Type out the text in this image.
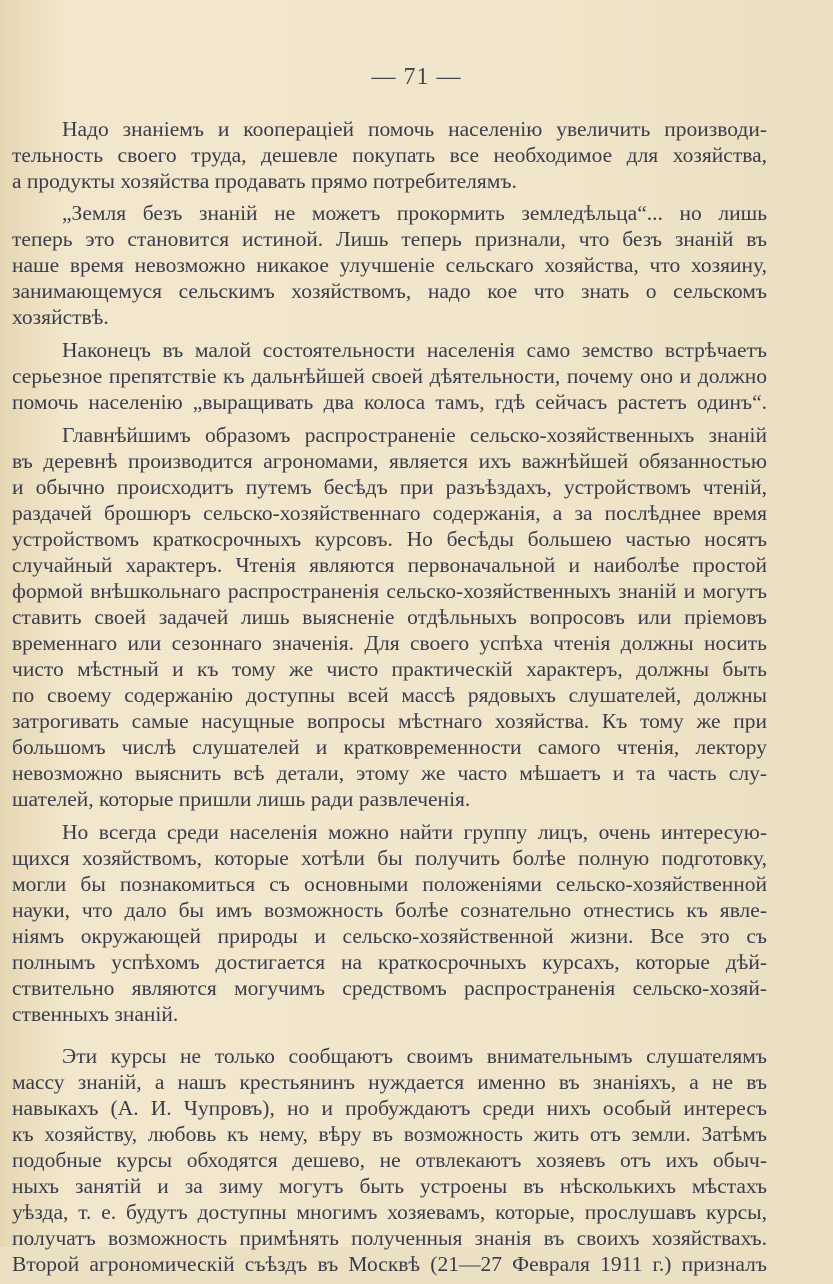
— 71 —
Надо знаніемъ и кооперацiей помочь населенію увеличить производи-
тельность своего труда, дешевле покупать все необходимое для хозяйства,
а продукты хозяйства продавать прямо потребителямъ.
„Земля безъ знаній не можетъ прокормить земледѣльца“... но лишь
теперь это становится истиной. Лишь теперь признали, что безъ знаній въ
наше время невозможно никакое улучшеніе сельскаго хозяйства, что хозяину,
занимающемуся сельскимъ хозяйствомъ, надо кое что знать о сельскомъ
хозяйствѣ.
Наконецъ въ малой состоятельности населенія само земство встрѣчаетъ
серьезное препятствіе къ дальнѣйшей своей дѣятельности, почему оно и должно
помочь населенію „выращивать два колоса тамъ, гдѣ сейчасъ растетъ одинъ“.
Главнѣйшимъ образомъ распространеніе сельско-хозяйственныхъ знаній
въ деревнѣ производится агрономами, является ихъ важнѣйшей обязанностью
и обычно происходитъ путемъ бесѣдъ при разъѣздахъ, устройствомъ чтеній,
раздачей брошюръ сельско-хозяйственнаго содержанія, а за послѣднее время
устройствомъ краткосрочныхъ курсовъ. Но бесѣды большею частью носятъ
случайный характеръ. Чтенія являются первоначальной и наиболѣе простой
формой внѣшкольнаго распространенія сельско-хозяйственныхъ знаній и могутъ
ставить своей задачей лишь выясненіе отдѣльныхъ вопросовъ или пріемовъ
временнаго или сезоннаго значенія. Для своего успѣха чтенія должны носить
чисто мѣстный и къ тому же чисто практическій характеръ, должны быть
по своему содержанію доступны всей массѣ рядовыхъ слушателей, должны
затрогивать самые насущные вопросы мѣстнаго хозяйства. Къ тому же при
большомъ числѣ слушателей и кратковременности самого чтенія, лектору
невозможно выяснить всѣ детали, этому же часто мѣшаетъ и та часть слу-
шателей, которые пришли лишь ради развлеченія.
Но всегда среди населенія можно найти группу лицъ, очень интересую-
щихся хозяйствомъ, которые хотѣли бы получить болѣе полную подготовку,
могли бы познакомиться съ основными положеніями сельско-хозяйственной
науки, что дало бы имъ возможность болѣе сознательно отнестись къ явле-
ніямъ окружающей природы и сельско-хозяйственной жизни. Все это съ
полнымъ успѣхомъ достигается на краткосрочныхъ курсахъ, которые дѣй-
ствительно являются могучимъ средствомъ распространенія сельско-хозяй-
ственныхъ знаній.
Эти курсы не только сообщаютъ своимъ внимательнымъ слушателямъ
массу знаній, а нашъ крестьянинъ нуждается именно въ знаніяхъ, а не въ
навыкахъ (А. И. Чупровъ), но и пробуждаютъ среди нихъ особый интересъ
къ хозяйству, любовь къ нему, вѣру въ возможность жить отъ земли. Затѣмъ
подобные курсы обходятся дешево, не отвлекаютъ хозяевъ отъ ихъ обыч-
ныхъ занятій и за зиму могутъ быть устроены въ нѣсколькихъ мѣстахъ
уѣзда, т. е. будутъ доступны многимъ хозяевамъ, которые, прослушавъ курсы,
получатъ возможность примѣнять полученныя знанія въ своихъ хозяйствахъ.
Второй агрономическій съѣздъ въ Москвѣ (21—27 Февраля 1911 г.) призналъ
